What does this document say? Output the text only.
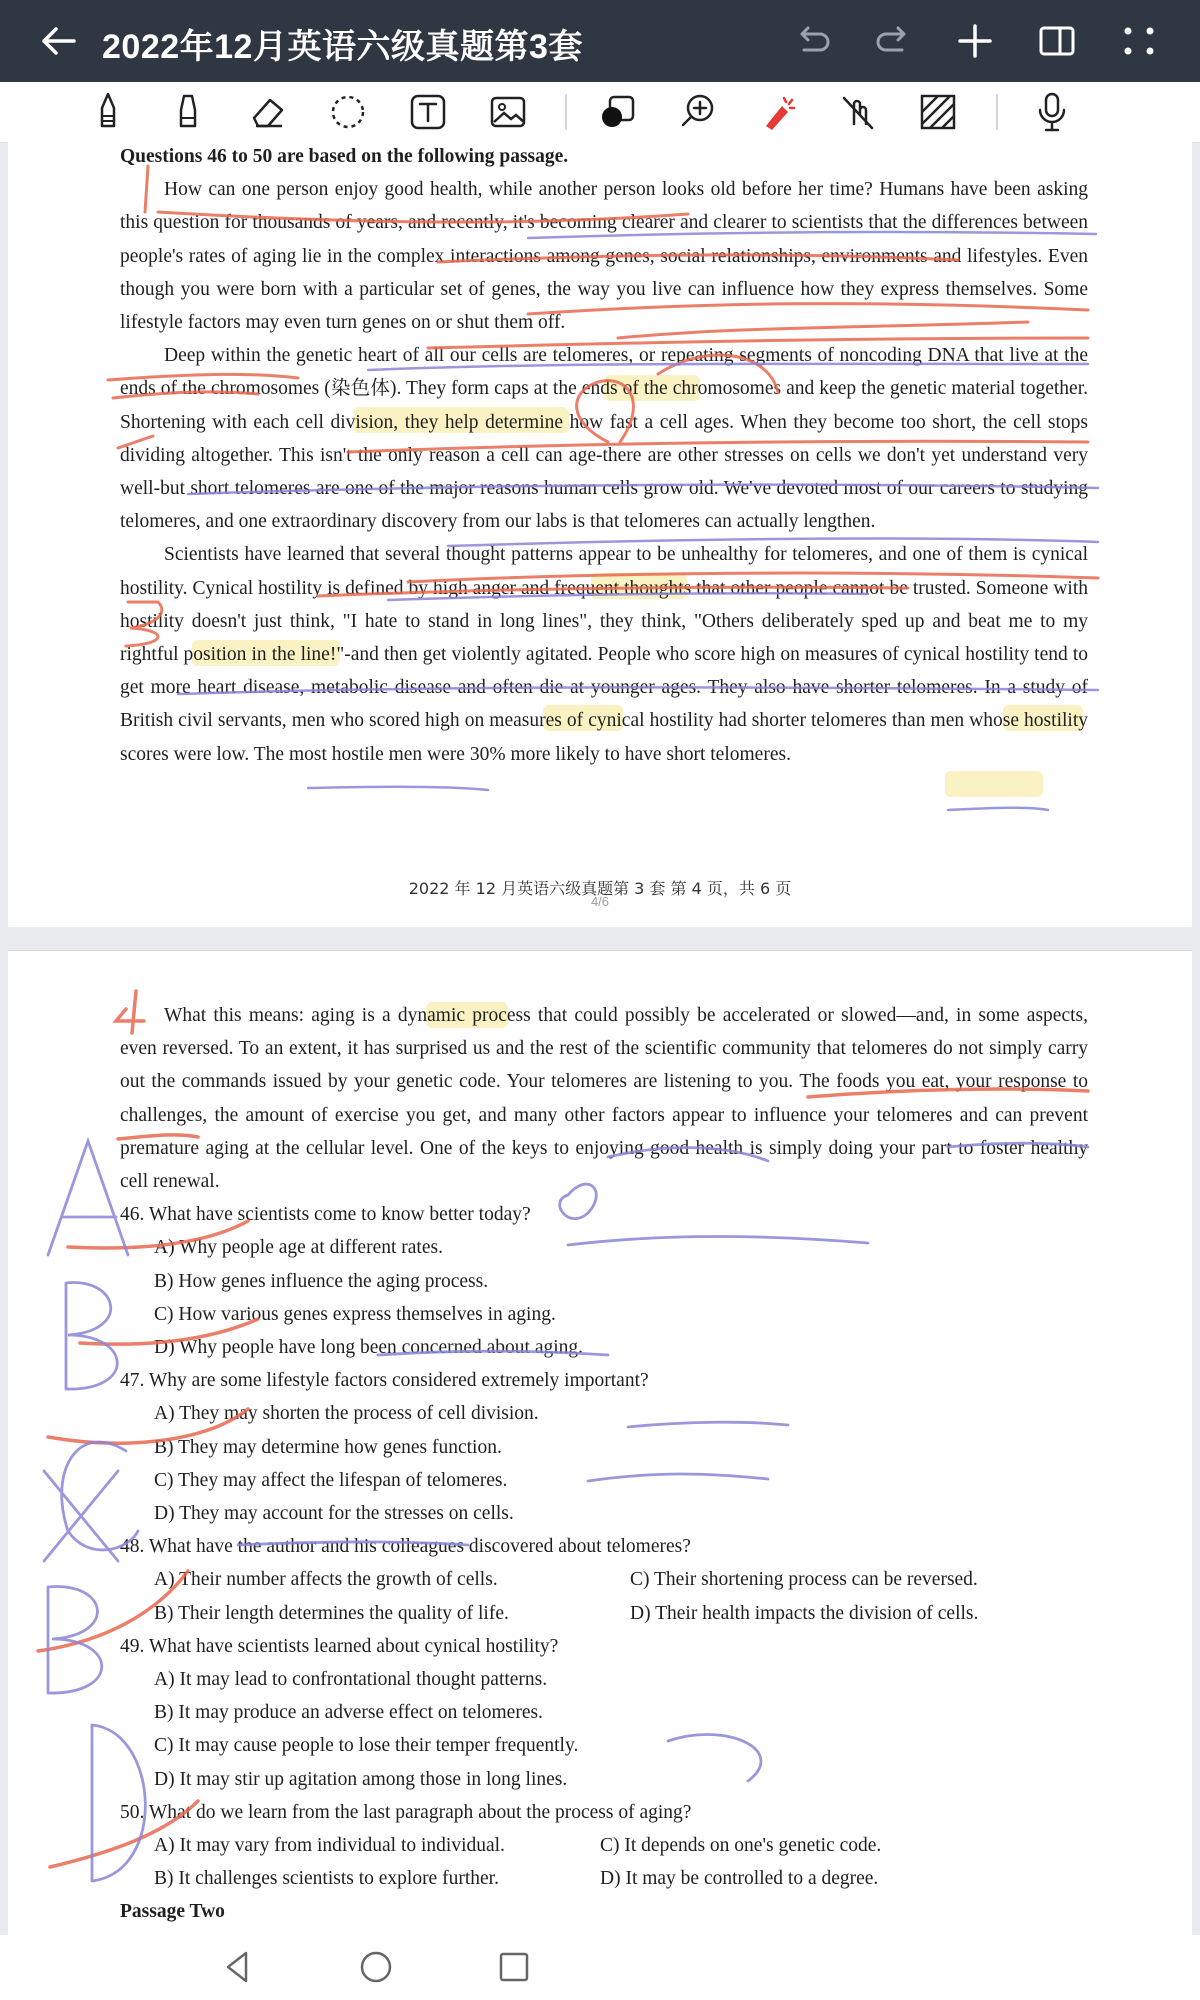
2022年12月英语六级真题第3套

Questions 46 to 50 are based on the following passage.

How can one person enjoy good health, while another person looks old before her time? Humans have been asking this question for thousands of years, and recently, it's becoming clearer and clearer to scientists that the differences between people's rates of aging lie in the complex interactions among genes, social relationships, environments and lifestyles. Even though you were born with a particular set of genes, the way you live can influence how they express themselves. Some lifestyle factors may even turn genes on or shut them off.

Deep within the genetic heart of all our cells are telomeres, or repeating segments of noncoding DNA that live at the ends of the chromosomes (染色体). They form caps at the ends of the chromosomes and keep the genetic material together. Shortening with each cell division, they help determine how fast a cell ages. When they become too short, the cell stops dividing altogether. This isn't the only reason a cell can age-there are other stresses on cells we don't yet understand very well-but short telomeres are one of the major reasons human cells grow old. We've devoted most of our careers to studying telomeres, and one extraordinary discovery from our labs is that telomeres can actually lengthen.

Scientists have learned that several thought patterns appear to be unhealthy for telomeres, and one of them is cynical hostility. Cynical hostility is defined by high anger and frequent thoughts that other people cannot be trusted. Someone with hostility doesn't just think, "I hate to stand in long lines", they think, "Others deliberately sped up and beat me to my rightful position in the line!"-and then get violently agitated. People who score high on measures of cynical hostility tend to get more heart disease, metabolic disease and often die at younger ages. They also have shorter telomeres. In a study of British civil servants, men who scored high on measures of cynical hostility had shorter telomeres than men whose hostility scores were low. The most hostile men were 30% more likely to have short telomeres.

2022 年 12 月英语六级真题第 3 套 第 4 页，共 6 页
4/6

What this means: aging is a dynamic process that could possibly be accelerated or slowed—and, in some aspects, even reversed. To an extent, it has surprised us and the rest of the scientific community that telomeres do not simply carry out the commands issued by your genetic code. Your telomeres are listening to you. The foods you eat, your response to challenges, the amount of exercise you get, and many other factors appear to influence your telomeres and can prevent premature aging at the cellular level. One of the keys to enjoying good health is simply doing your part to foster healthy cell renewal.

46. What have scientists come to know better today?

A) Why people age at different rates.

B) How genes influence the aging process.

C) How various genes express themselves in aging.

D) Why people have long been concerned about aging.

47. Why are some lifestyle factors considered extremely important?

A) They may shorten the process of cell division.

B) They may determine how genes function.

C) They may affect the lifespan of telomeres.

D) They may account for the stresses on cells.

48. What have the author and his colleagues discovered about telomeres?

A) Their number affects the growth of cells.	C) Their shortening process can be reversed.
B) Their length determines the quality of life.	D) Their health impacts the division of cells.

49. What have scientists learned about cynical hostility?

A) It may lead to confrontational thought patterns.

B) It may produce an adverse effect on telomeres.

C) It may cause people to lose their temper frequently.

D) It may stir up agitation among those in long lines.

50. What do we learn from the last paragraph about the process of aging?

A) It may vary from individual to individual.	C) It depends on one's genetic code.
B) It challenges scientists to explore further.	D) It may be controlled to a degree.

Passage Two
